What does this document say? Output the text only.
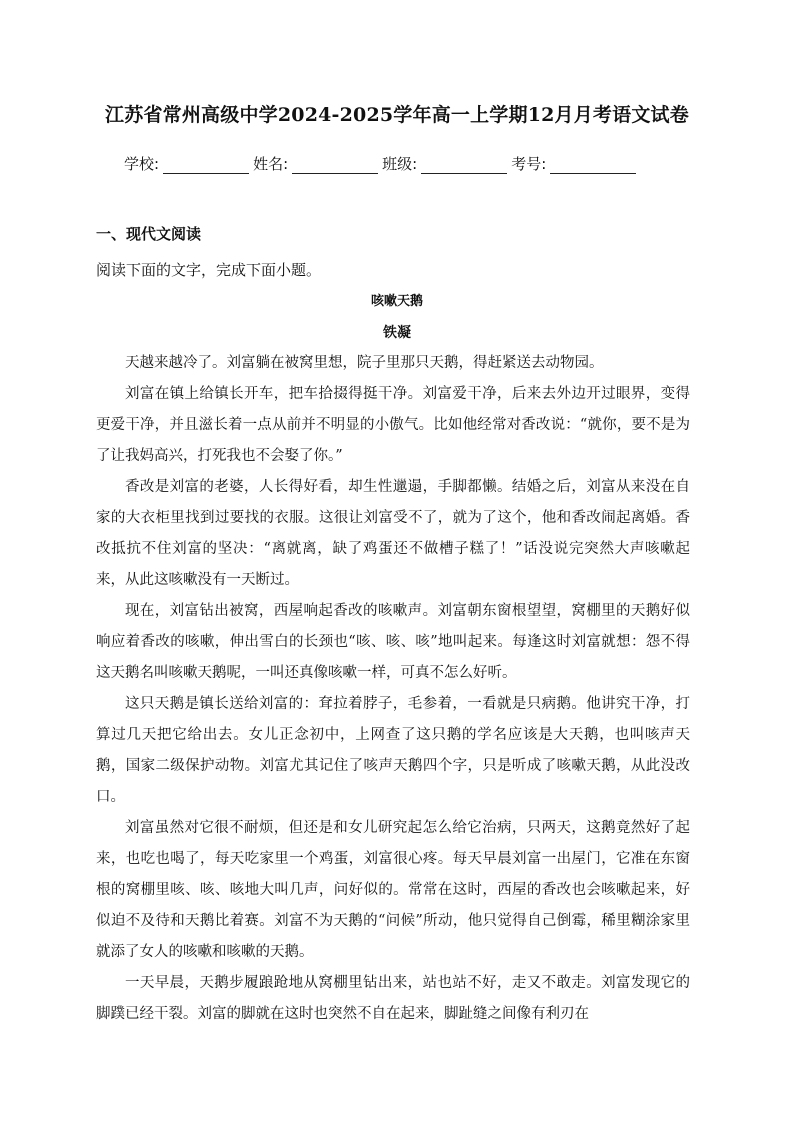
江苏省常州高级中学2024-2025学年高一上学期12月月考语文试卷
学校:	姓名:	班级:	考号:
一、现代文阅读
阅读下面的文字，完成下面小题。
咳嗽天鹅
铁凝

天越来越冷了。刘富躺在被窝里想，院子里那只天鹅，得赶紧送去动物园。

刘富在镇上给镇长开车，把车拾掇得挺干净。刘富爱干净，后来去外边开过眼界，变得更爱干净，并且滋长着一点从前并不明显的小傲气。比如他经常对香改说：“就你，要不是为了让我妈高兴，打死我也不会娶了你。”

香改是刘富的老婆，人长得好看，却生性邋遢，手脚都懒。结婚之后，刘富从来没在自家的大衣柜里找到过要找的衣服。这很让刘富受不了，就为了这个，他和香改闹起离婚。香改抵抗不住刘富的坚决：“离就离，缺了鸡蛋还不做槽子糕了！”话没说完突然大声咳嗽起来，从此这咳嗽没有一天断过。

现在，刘富钻出被窝，西屋响起香改的咳嗽声。刘富朝东窗根望望，窝棚里的天鹅好似响应着香改的咳嗽，伸出雪白的长颈也“咳、咳、咳”地叫起来。每逢这时刘富就想：怨不得这天鹅名叫咳嗽天鹅呢，一叫还真像咳嗽一样，可真不怎么好听。

这只天鹅是镇长送给刘富的：耷拉着脖子，毛参着，一看就是只病鹅。他讲究干净，打算过几天把它给出去。女儿正念初中，上网查了这只鹅的学名应该是大天鹅，也叫咳声天鹅，国家二级保护动物。刘富尤其记住了咳声天鹅四个字，只是听成了咳嗽天鹅，从此没改口。

刘富虽然对它很不耐烦，但还是和女儿研究起怎么给它治病，只两天，这鹅竟然好了起来，也吃也喝了，每天吃家里一个鸡蛋，刘富很心疼。每天早晨刘富一出屋门，它准在东窗根的窝棚里咳、咳、咳地大叫几声，问好似的。常常在这时，西屋的香改也会咳嗽起来，好似迫不及待和天鹅比着赛。刘富不为天鹅的“问候”所动，他只觉得自己倒霉，稀里糊涂家里就添了女人的咳嗽和咳嗽的天鹅。

一天早晨，天鹅步履踉跄地从窝棚里钻出来，站也站不好，走又不敢走。刘富发现它的脚蹼已经干裂。刘富的脚就在这时也突然不自在起来，脚趾缝之间像有利刃在
